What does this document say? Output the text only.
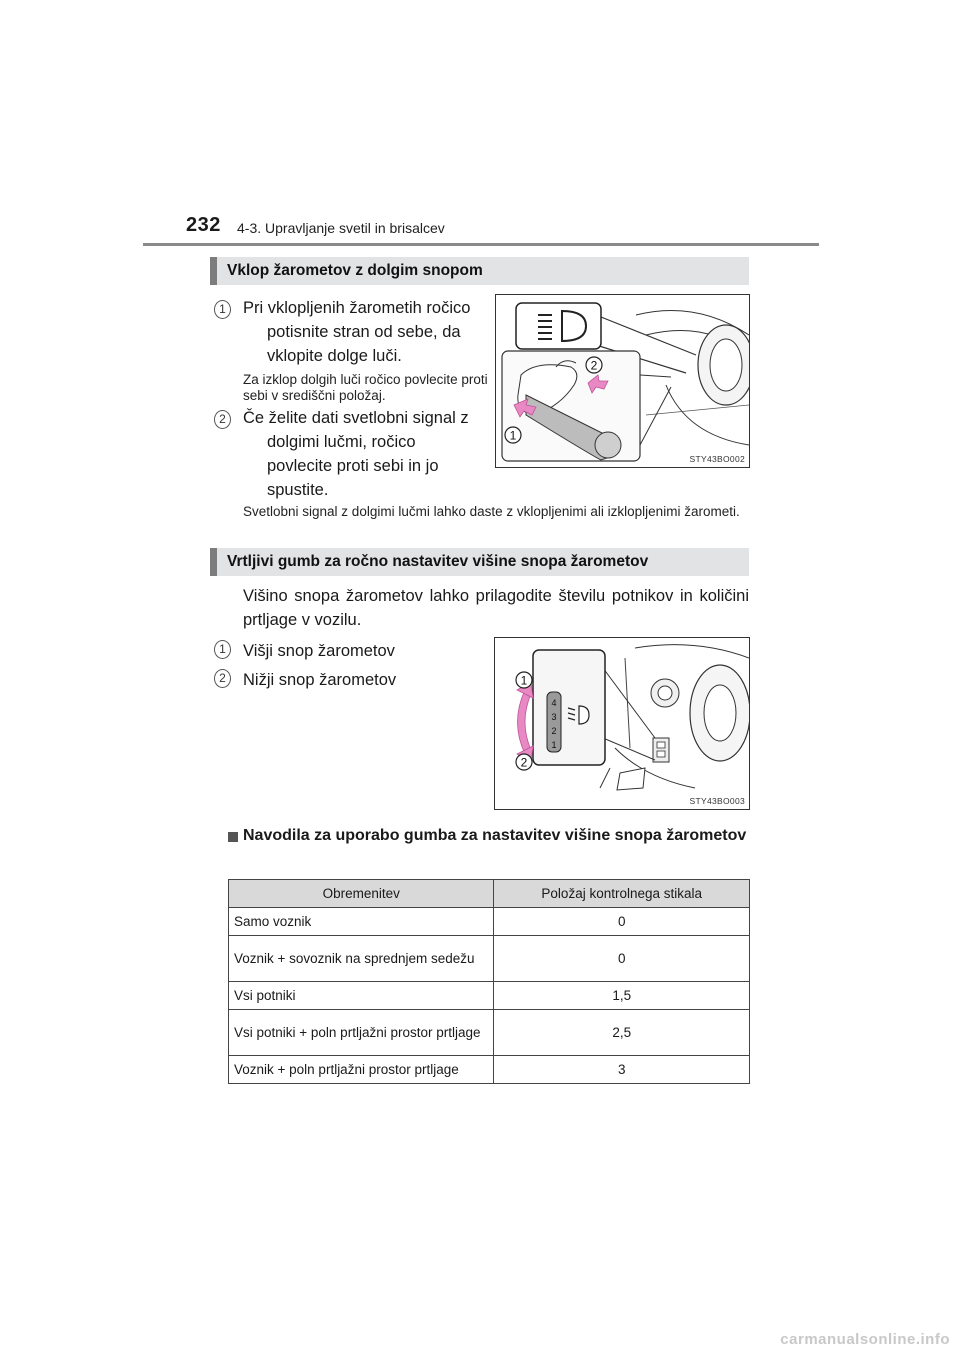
232 4-3. Upravljanje svetil in brisalcev
Vklop žarometov z dolgim snopom
1	Pri vklopljenih žarometih ročico
potisnite stran od sebe, da
vklopite dolge luči.
Za izklop dolgih luči ročico povlecite proti sebi v središčni položaj.
2	Če želite dati svetlobni signal z
dolgimi lučmi, ročico
povlecite proti sebi in jo
spustite.
Svetlobni signal z dolgimi lučmi lahko daste z vklopljenimi ali izklopljenimi žarometi.
2
1
STY43BO002
Vrtljivi gumb za ročno nastavitev višine snopa žarometov
Višino snopa žarometov lahko prilagodite številu potnikov in količini prtljage v vozilu.
1	Višji snop žarometov
2	Nižji snop žarometov
4
3
2
1
1
2
STY43BO003
Navodila za uporabo gumba za nastavitev višine snopa žarometov
Obremenitev	Položaj kontrolnega stikala
Samo voznik	0
Voznik + sovoznik na sprednjem sedežu	0
Vsi potniki	1,5
Vsi potniki + poln prtljažni prostor prtljage	2,5
Voznik + poln prtljažni prostor prtljage	3
carmanualsonline.info
